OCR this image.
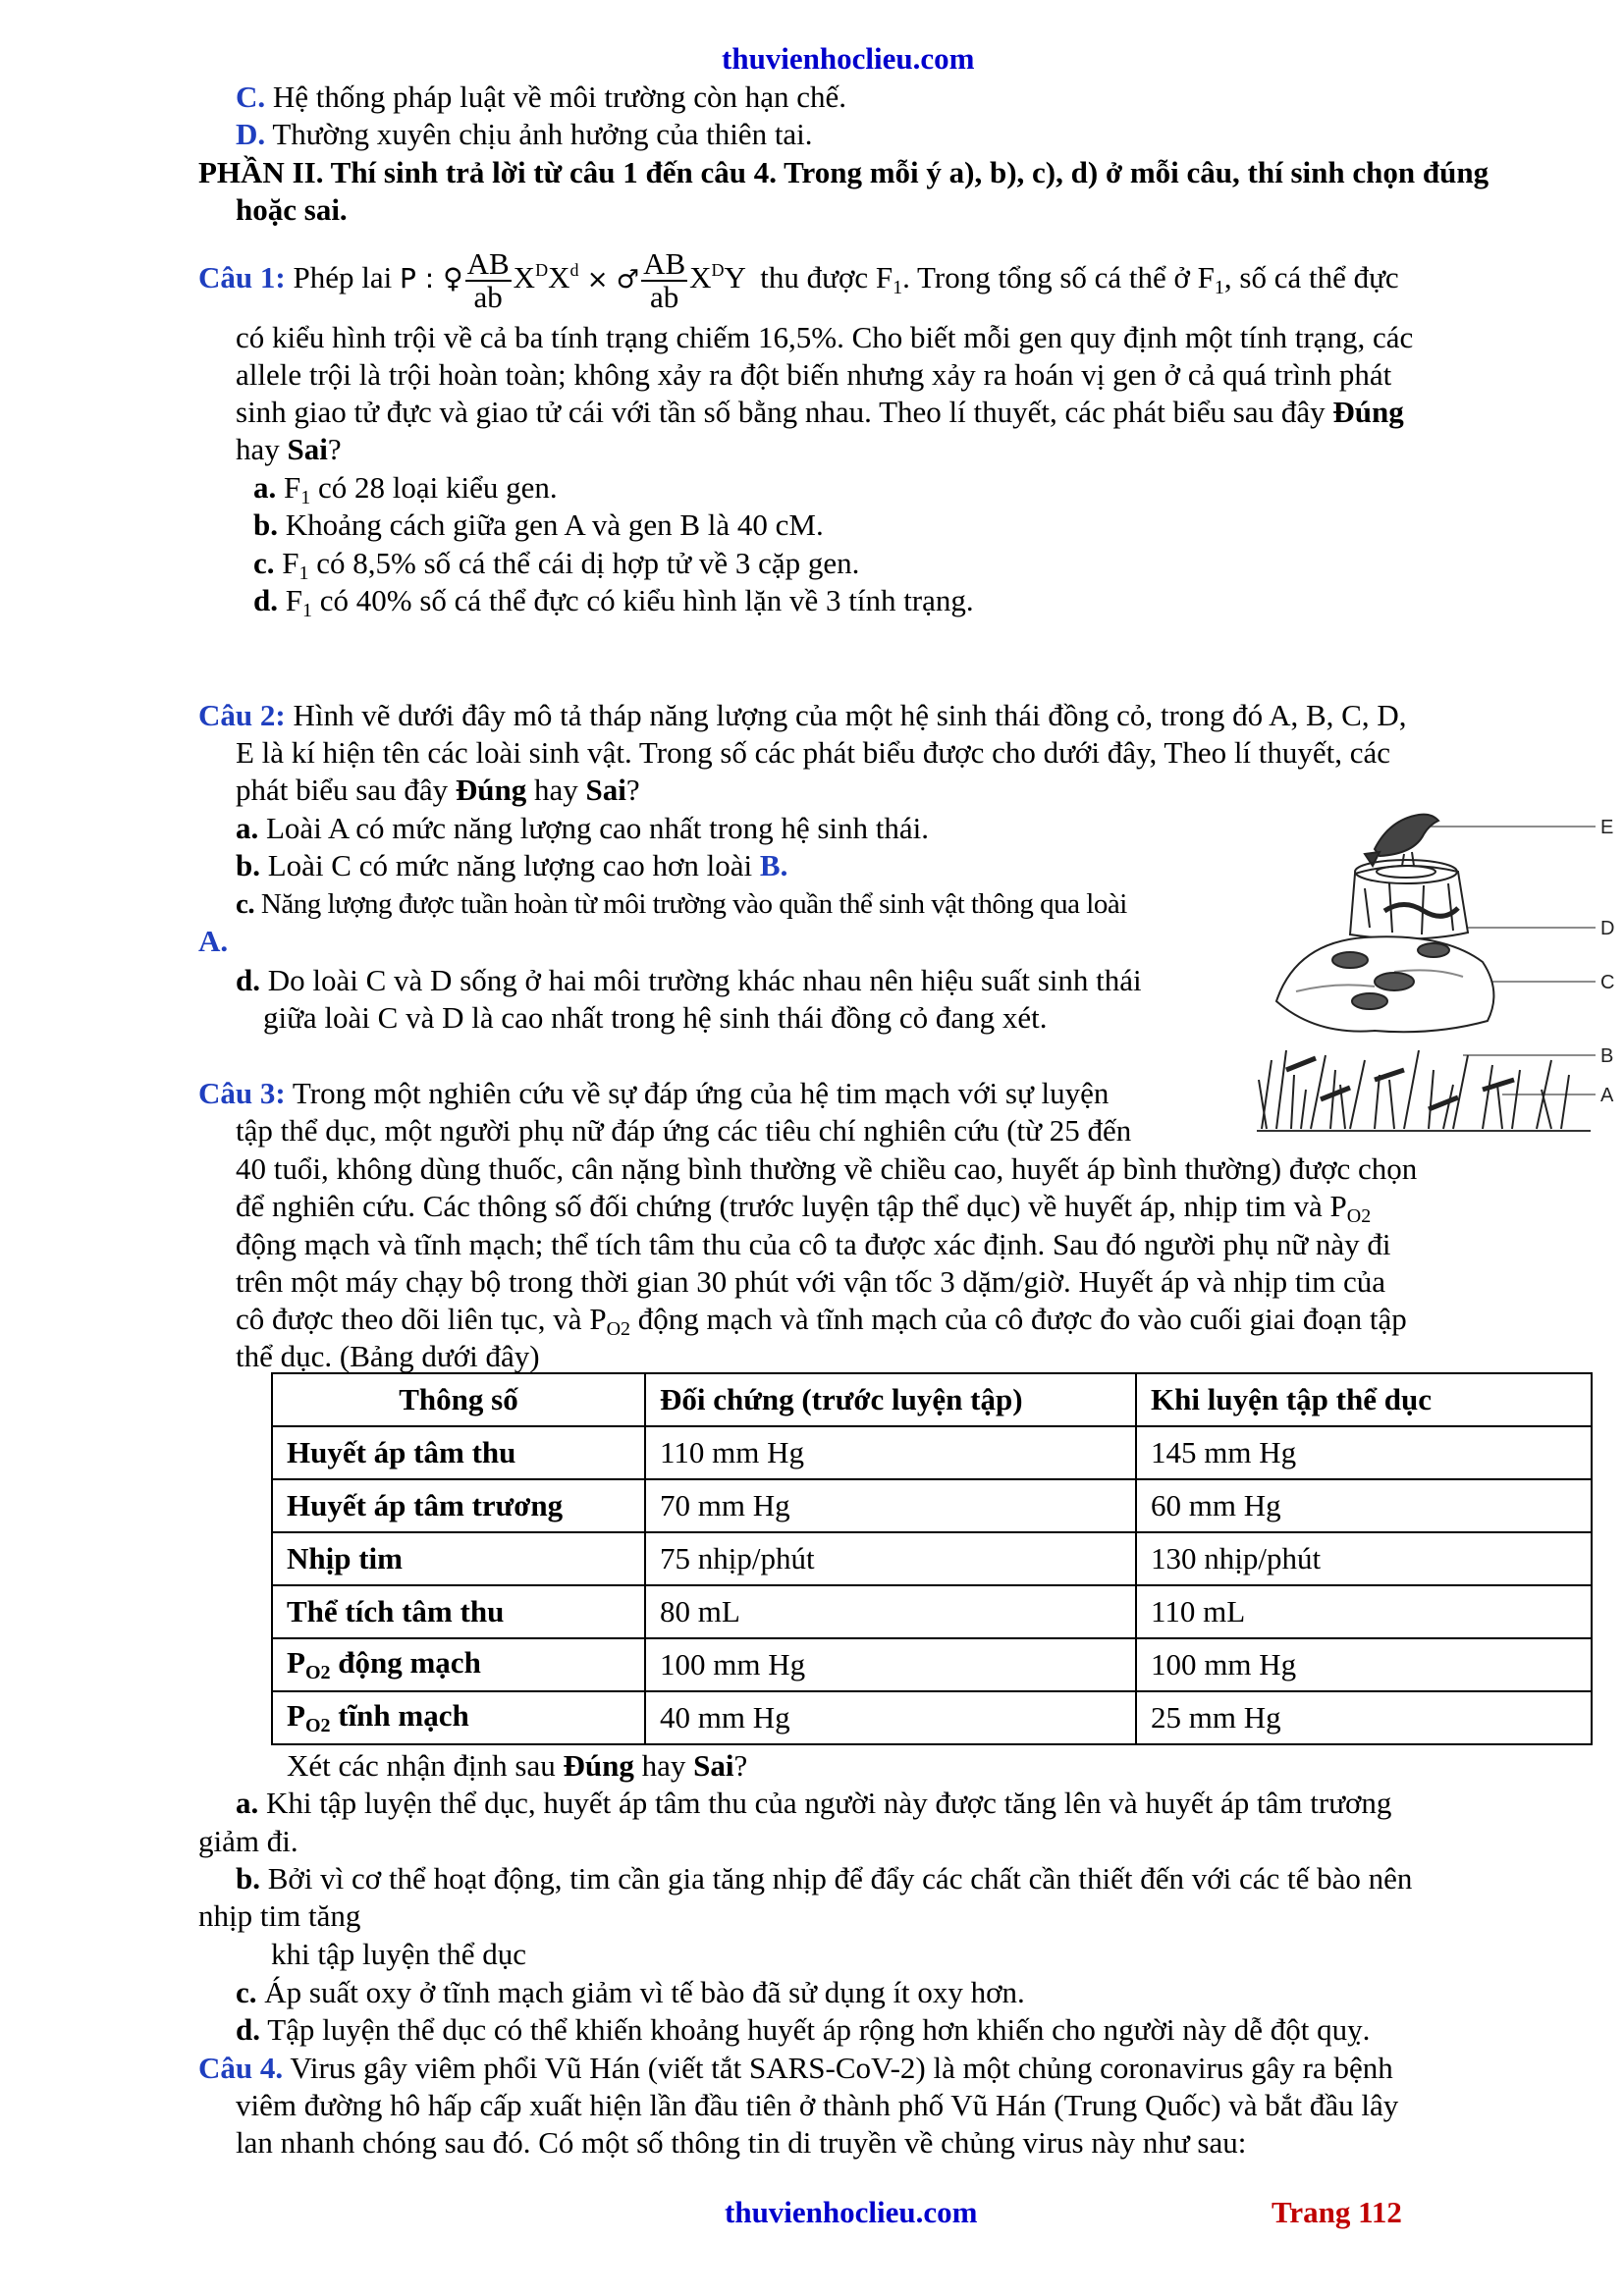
thuvienhoclieu.com
C. Hệ thống pháp luật về môi trường còn hạn chế.
D. Thường xuyên chịu ảnh hưởng của thiên tai.
PHẦN II. Thí sinh trả lời từ câu 1 đến câu 4. Trong mỗi ý a), b), c), d) ở mỗi câu, thí sinh chọn đúng
hoặc sai.
Câu 1: Phép lai P : ♀ $\frac{AB}{ab} X^DX^d$ × ♂ $\frac{AB}{ab} X^DY$ thu được $F_1$. Trong tổng số cá thể ở $F_1$, số cá thể đực
có kiểu hình trội về cả ba tính trạng chiếm 16,5%. Cho biết mỗi gen quy định một tính trạng, các
allele trội là trội hoàn toàn; không xảy ra đột biến nhưng xảy ra hoán vị gen ở cả quá trình phát
sinh giao tử đực và giao tử cái với tần số bằng nhau. Theo lí thuyết, các phát biểu sau đây Đúng
hay Sai?
a. $F_1$ có 28 loại kiểu gen.
b. Khoảng cách giữa gen A và gen B là 40 cM.
c. $F_1$ có 8,5% số cá thể cái dị hợp tử về 3 cặp gen.
d. $F_1$ có 40% số cá thể đực có kiểu hình lặn về 3 tính trạng.
Câu 2: Hình vẽ dưới đây mô tả tháp năng lượng của một hệ sinh thái đồng cỏ, trong đó A, B, C, D,
E là kí hiện tên các loài sinh vật. Trong số các phát biểu được cho dưới đây, Theo lí thuyết, các
phát biểu sau đây Đúng hay Sai?
a. Loài A có mức năng lượng cao nhất trong hệ sinh thái.
b. Loài C có mức năng lượng cao hơn loài B.
c. Năng lượng được tuần hoàn từ môi trường vào quần thể sinh vật thông qua loài
A.
d. Do loài C và D sống ở hai môi trường khác nhau nên hiệu suất sinh thái
giữa loài C và D là cao nhất trong hệ sinh thái đồng cỏ đang xét.
E
D
C
B
A
Câu 3: Trong một nghiên cứu về sự đáp ứng của hệ tim mạch với sự luyện
tập thể dục, một người phụ nữ đáp ứng các tiêu chí nghiên cứu (từ 25 đến
40 tuổi, không dùng thuốc, cân nặng bình thường về chiều cao, huyết áp bình thường) được chọn
để nghiên cứu. Các thông số đối chứng (trước luyện tập thể dục) về huyết áp, nhịp tim và $P_{O2}$
động mạch và tĩnh mạch; thể tích tâm thu của cô ta được xác định. Sau đó người phụ nữ này đi
trên một máy chạy bộ trong thời gian 30 phút với vận tốc 3 dặm/giờ. Huyết áp và nhịp tim của
cô được theo dõi liên tục, và $P_{O2}$ động mạch và tĩnh mạch của cô được đo vào cuối giai đoạn tập
thể dục. (Bảng dưới đây)
Thông số	Đối chứng (trước luyện tập)	Khi luyện tập thể dục
Huyết áp tâm thu	110 mm Hg	145 mm Hg
Huyết áp tâm trương	70 mm Hg	60 mm Hg
Nhịp tim	75 nhịp/phút	130 nhịp/phút
Thể tích tâm thu	80 mL	110 mL
$P_{O2}$ động mạch	100 mm Hg	100 mm Hg
$P_{O2}$ tĩnh mạch	40 mm Hg	25 mm Hg
Xét các nhận định sau Đúng hay Sai?
a. Khi tập luyện thể dục, huyết áp tâm thu của người này được tăng lên và huyết áp tâm trương
giảm đi.
b. Bởi vì cơ thể hoạt động, tim cần gia tăng nhịp để đẩy các chất cần thiết đến với các tế bào nên
nhịp tim tăng
khi tập luyện thể dục
c. Áp suất oxy ở tĩnh mạch giảm vì tế bào đã sử dụng ít oxy hơn.
d. Tập luyện thể dục có thể khiến khoảng huyết áp rộng hơn khiến cho người này dễ đột quỵ.
Câu 4. Virus gây viêm phổi Vũ Hán (viết tắt SARS-CoV-2) là một chủng coronavirus gây ra bệnh
viêm đường hô hấp cấp xuất hiện lần đầu tiên ở thành phố Vũ Hán (Trung Quốc) và bắt đầu lây
lan nhanh chóng sau đó. Có một số thông tin di truyền về chủng virus này như sau:
thuvienhoclieu.com	Trang 112
